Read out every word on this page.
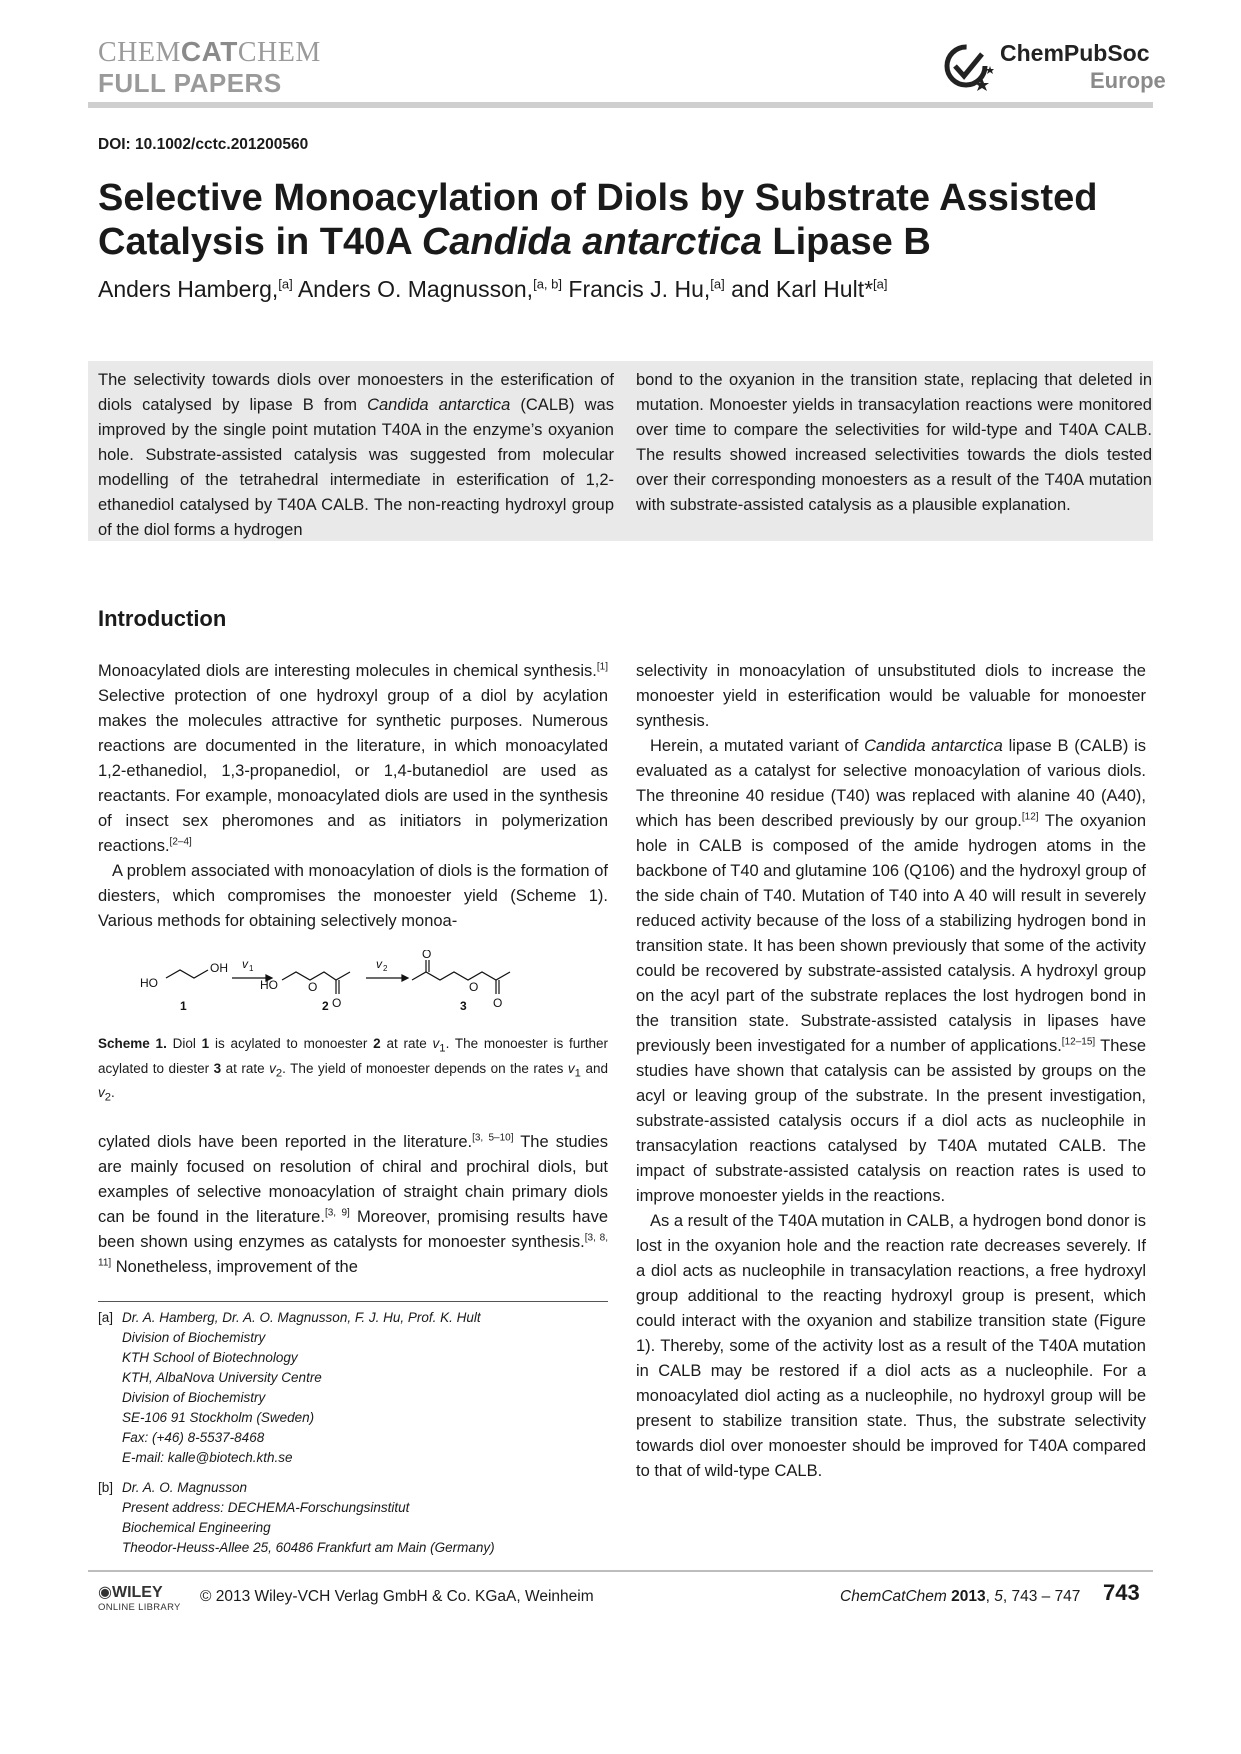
CHEMCATCHEM
FULL PAPERS
ChemPubSoc
Europe
DOI: 10.1002/cctc.201200560
Selective Monoacylation of Diols by Substrate Assisted Catalysis in T40A Candida antarctica Lipase B
Anders Hamberg,[a] Anders O. Magnusson,[a, b] Francis J. Hu,[a] and Karl Hult*[a]
The selectivity towards diols over monoesters in the esterification of diols catalysed by lipase B from Candida antarctica (CALB) was improved by the single point mutation T40A in the enzyme’s oxyanion hole. Substrate-assisted catalysis was suggested from molecular modelling of the tetrahedral intermediate in esterification of 1,2-ethanediol catalysed by T40A CALB. The non-reacting hydroxyl group of the diol forms a hydrogen
bond to the oxyanion in the transition state, replacing that deleted in mutation. Monoester yields in transacylation reactions were monitored over time to compare the selectivities for wild-type and T40A CALB. The results showed increased selectivities towards the diols tested over their corresponding monoesters as a result of the T40A mutation with substrate-assisted catalysis as a plausible explanation.
Introduction

Monoacylated diols are interesting molecules in chemical synthesis.[1] Selective protection of one hydroxyl group of a diol by acylation makes the molecules attractive for synthetic purposes. Numerous reactions are documented in the literature, in which monoacylated 1,2-ethanediol, 1,3-propanediol, or 1,4-butanediol are used as reactants. For example, monoacylated diols are used in the synthesis of insect sex pheromones and as initiators in polymerization reactions.[2–4]

A problem associated with monoacylation of diols is the formation of diesters, which compromises the monoester yield (Scheme 1). Various methods for obtaining selectively monoa-

HO
OH v 1
HO
v 2
O
O	O
O	O
1	2	3
Scheme 1. Diol 1 is acylated to monoester 2 at rate $v_1$. The monoester is further acylated to diester 3 at rate $v_2$. The yield of monoester depends on the rates $v_1$ and $v_2$.

cylated diols have been reported in the literature.[3, 5–10] The studies are mainly focused on resolution of chiral and prochiral diols, but examples of selective monoacylation of straight chain primary diols can be found in the literature.[3, 9] Moreover, promising results have been shown using enzymes as catalysts for monoester synthesis.[3, 8, 11] Nonetheless, improvement of the

[a] Dr. A. Hamberg, Dr. A. O. Magnusson, F. J. Hu, Prof. K. Hult
Division of Biochemistry
KTH School of Biotechnology
KTH, AlbaNova University Centre
Division of Biochemistry
SE-106 91 Stockholm (Sweden)
Fax: (+46) 8-5537-8468
E-mail: kalle@biotech.kth.se
[b] Dr. A. O. Magnusson
Present address: DECHEMA-Forschungsinstitut
Biochemical Engineering
Theodor-Heuss-Allee 25, 60486 Frankfurt am Main (Germany)

selectivity in monoacylation of unsubstituted diols to increase the monoester yield in esterification would be valuable for monoester synthesis.

Herein, a mutated variant of Candida antarctica lipase B (CALB) is evaluated as a catalyst for selective monoacylation of various diols. The threonine 40 residue (T40) was replaced with alanine 40 (A40), which has been described previously by our group.[12] The oxyanion hole in CALB is composed of the amide hydrogen atoms in the backbone of T40 and glutamine 106 (Q106) and the hydroxyl group of the side chain of T40. Mutation of T40 into A 40 will result in severely reduced activity because of the loss of a stabilizing hydrogen bond in transition state. It has been shown previously that some of the activity could be recovered by substrate-assisted catalysis. A hydroxyl group on the acyl part of the substrate replaces the lost hydrogen bond in the transition state. Substrate-assisted catalysis in lipases have previously been investigated for a number of applications.[12–15] These studies have shown that catalysis can be assisted by groups on the acyl or leaving group of the substrate. In the present investigation, substrate-assisted catalysis occurs if a diol acts as nucleophile in transacylation reactions catalysed by T40A mutated CALB. The impact of substrate-assisted catalysis on reaction rates is used to improve monoester yields in the reactions.

As a result of the T40A mutation in CALB, a hydrogen bond donor is lost in the oxyanion hole and the reaction rate decreases severely. If a diol acts as nucleophile in transacylation reactions, a free hydroxyl group additional to the reacting hydroxyl group is present, which could interact with the oxyanion and stabilize transition state (Figure 1). Thereby, some of the activity lost as a result of the T40A mutation in CALB may be restored if a diol acts as a nucleophile. For a monoacylated diol acting as a nucleophile, no hydroxyl group will be present to stabilize transition state. Thus, the substrate selectivity towards diol over monoester should be improved for T40A compared to that of wild-type CALB.

◉WILEY
ONLINE LIBRARY
© 2013 Wiley-VCH Verlag GmbH & Co. KGaA, Weinheim	ChemCatChem 2013, 5, 743 – 747 743
